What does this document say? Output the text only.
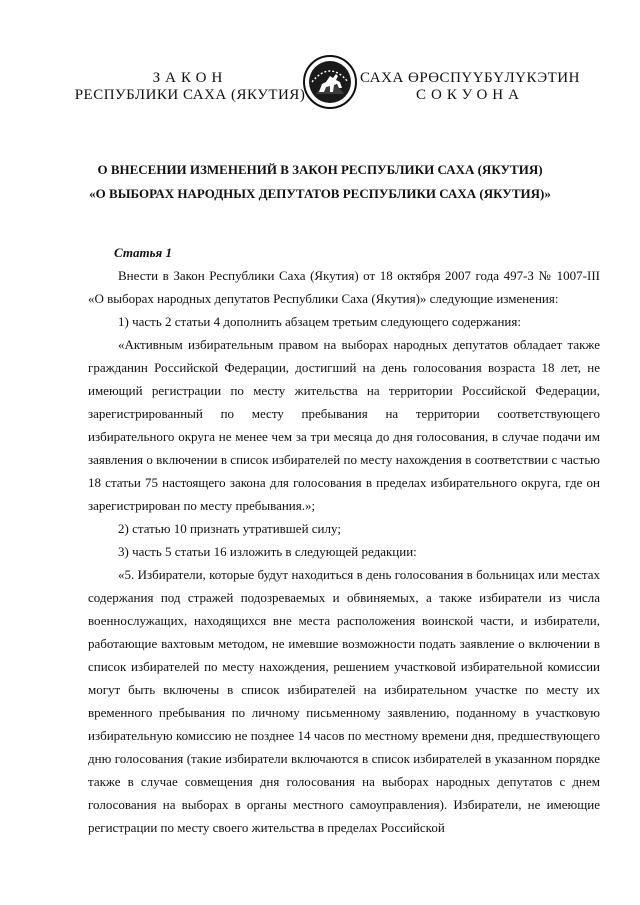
ЗАКОН
РЕСПУБЛИКИ САХА (ЯКУТИЯ)
САХА ӨРӨСПҮҮБҮЛҮКЭТИН
СОКУОНА
О ВНЕСЕНИИ ИЗМЕНЕНИЙ В ЗАКОН РЕСПУБЛИКИ САХА (ЯКУТИЯ)
«О ВЫБОРАХ НАРОДНЫХ ДЕПУТАТОВ РЕСПУБЛИКИ САХА (ЯКУТИЯ)»

Статья 1

Внести в Закон Республики Саха (Якутия) от 18 октября 2007 года 497-З № 1007-III «О выборах народных депутатов Республики Саха (Якутия)» следующие изменения:

1) часть 2 статьи 4 дополнить абзацем третьим следующего содержания:

«Активным избирательным правом на выборах народных депутатов обладает также гражданин Российской Федерации, достигший на день голосования возраста 18 лет, не имеющий регистрации по месту жительства на территории Российской Федерации, зарегистрированный по месту пребывания на территории соответствующего избирательного округа не менее чем за три месяца до дня голосования, в случае подачи им заявления о включении в список избирателей по месту нахождения в соответствии с частью 18 статьи 75 настоящего закона для голосования в пределах избирательного округа, где он зарегистрирован по месту пребывания.»;

2) статью 10 признать утратившей силу;

3) часть 5 статьи 16 изложить в следующей редакции:

«5. Избиратели, которые будут находиться в день голосования в больницах или местах содержания под стражей подозреваемых и обвиняемых, а также избиратели из числа военнослужащих, находящихся вне места расположения воинской части, и избиратели, работающие вахтовым методом, не имевшие возможности подать заявление о включении в список избирателей по месту нахождения, решением участковой избирательной комиссии могут быть включены в список избирателей на избирательном участке по месту их временного пребывания по личному письменному заявлению, поданному в участковую избирательную комиссию не позднее 14 часов по местному времени дня, предшествующего дню голосования (такие избиратели включаются в список избирателей в указанном порядке также в случае совмещения дня голосования на выборах народных депутатов с днем голосования на выборах в органы местного самоуправления). Избиратели, не имеющие регистрации по месту своего жительства в пределах Российской
